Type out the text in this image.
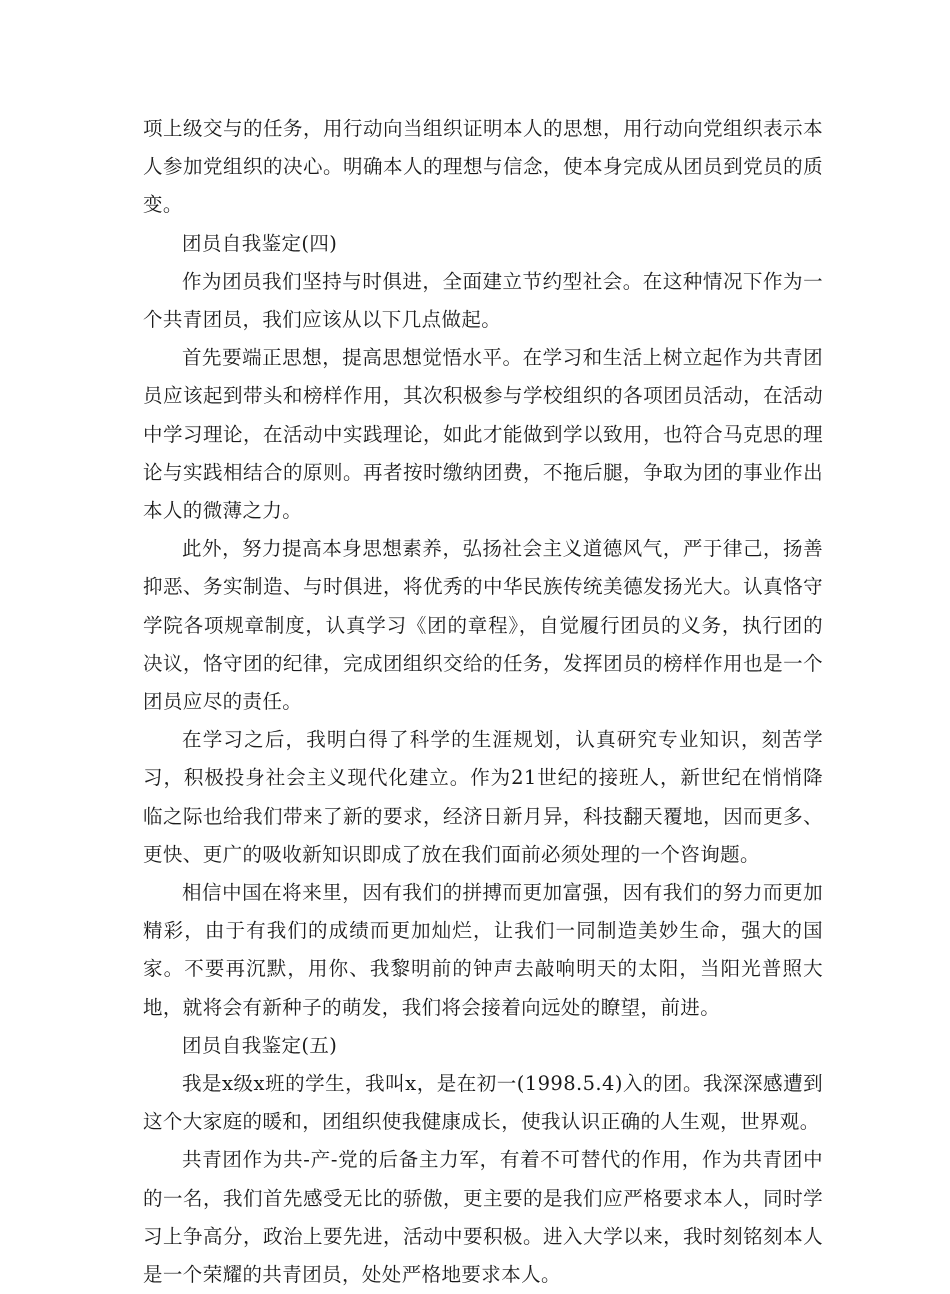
项上级交与的任务，用行动向当组织证明本人的思想，用行动向党组织表示本人参加党组织的决心。明确本人的理想与信念，使本身完成从团员到党员的质变。

团员自我鉴定(四)

作为团员我们坚持与时俱进，全面建立节约型社会。在这种情况下作为一个共青团员，我们应该从以下几点做起。

首先要端正思想，提高思想觉悟水平。在学习和生活上树立起作为共青团员应该起到带头和榜样作用，其次积极参与学校组织的各项团员活动，在活动中学习理论，在活动中实践理论，如此才能做到学以致用，也符合马克思的理论与实践相结合的原则。再者按时缴纳团费，不拖后腿，争取为团的事业作出本人的微薄之力。

此外，努力提高本身思想素养，弘扬社会主义道德风气，严于律己，扬善抑恶、务实制造、与时俱进，将优秀的中华民族传统美德发扬光大。认真恪守学院各项规章制度，认真学习《团的章程》，自觉履行团员的义务，执行团的决议，恪守团的纪律，完成团组织交给的任务，发挥团员的榜样作用也是一个团员应尽的责任。

在学习之后，我明白得了科学的生涯规划，认真研究专业知识，刻苦学习，积极投身社会主义现代化建立。作为21世纪的接班人，新世纪在悄悄降临之际也给我们带来了新的要求，经济日新月异，科技翻天覆地，因而更多、更快、更广的吸收新知识即成了放在我们面前必须处理的一个咨询题。

相信中国在将来里，因有我们的拼搏而更加富强，因有我们的努力而更加精彩，由于有我们的成绩而更加灿烂，让我们一同制造美妙生命，强大的国家。不要再沉默，用你、我黎明前的钟声去敲响明天的太阳，当阳光普照大地，就将会有新种子的萌发，我们将会接着向远处的瞭望，前进。

团员自我鉴定(五)

我是x级x班的学生，我叫x，是在初一(1998.5.4)入的团。我深深感遭到这个大家庭的暖和，团组织使我健康成长，使我认识正确的人生观，世界观。

共青团作为共-产-党的后备主力军，有着不可替代的作用，作为共青团中的一名，我们首先感受无比的骄傲，更主要的是我们应严格要求本人，同时学习上争高分，政治上要先进，活动中要积极。进入大学以来，我时刻铭刻本人是一个荣耀的共青团员，处处严格地要求本人。
